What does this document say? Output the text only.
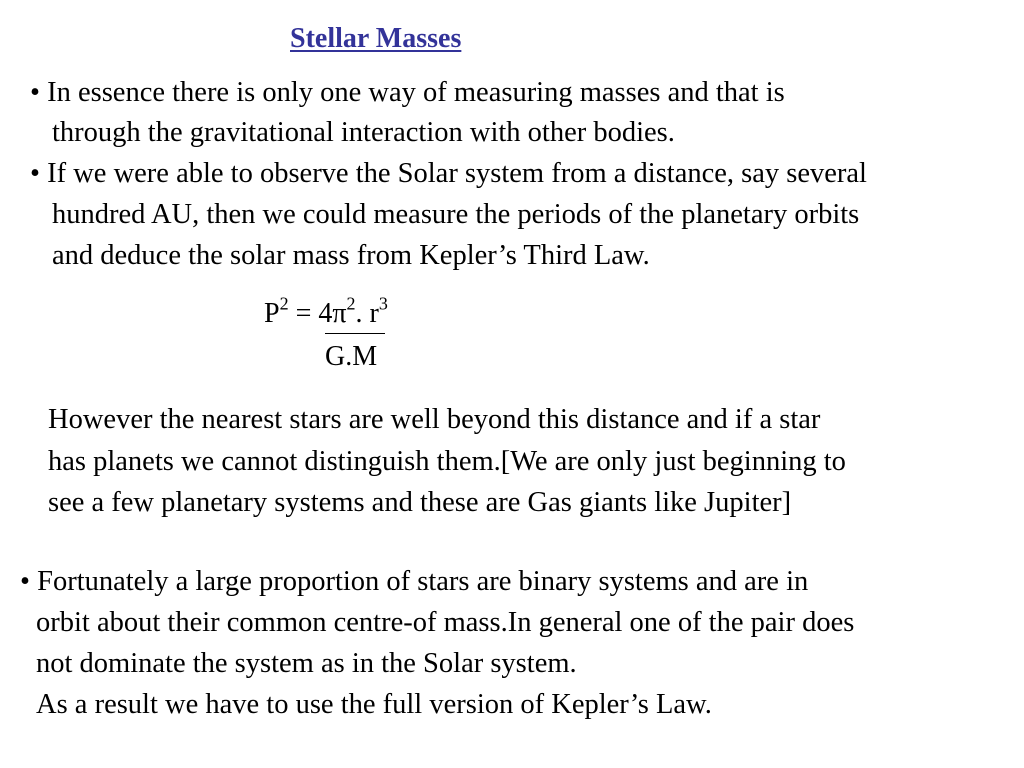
Stellar Masses
• In essence there is only one way of measuring masses and that is
through the gravitational interaction with other bodies.
• If we were able to observe the Solar system from a distance, say several
hundred AU, then we could measure the periods of the planetary orbits
and deduce the solar mass from Kepler’s Third Law.
$P^2 = 4\pi^2$. $r^3$
G.M
However the nearest stars are well beyond this distance and if a star
has planets we cannot distinguish them.[We are only just beginning to
see a few planetary systems and these are Gas giants like Jupiter]
• Fortunately a large proportion of stars are binary systems and are in
orbit about their common centre-of mass.In general one of the pair does
not dominate the system as in the Solar system.
As a result we have to use the full version of Kepler’s Law.
